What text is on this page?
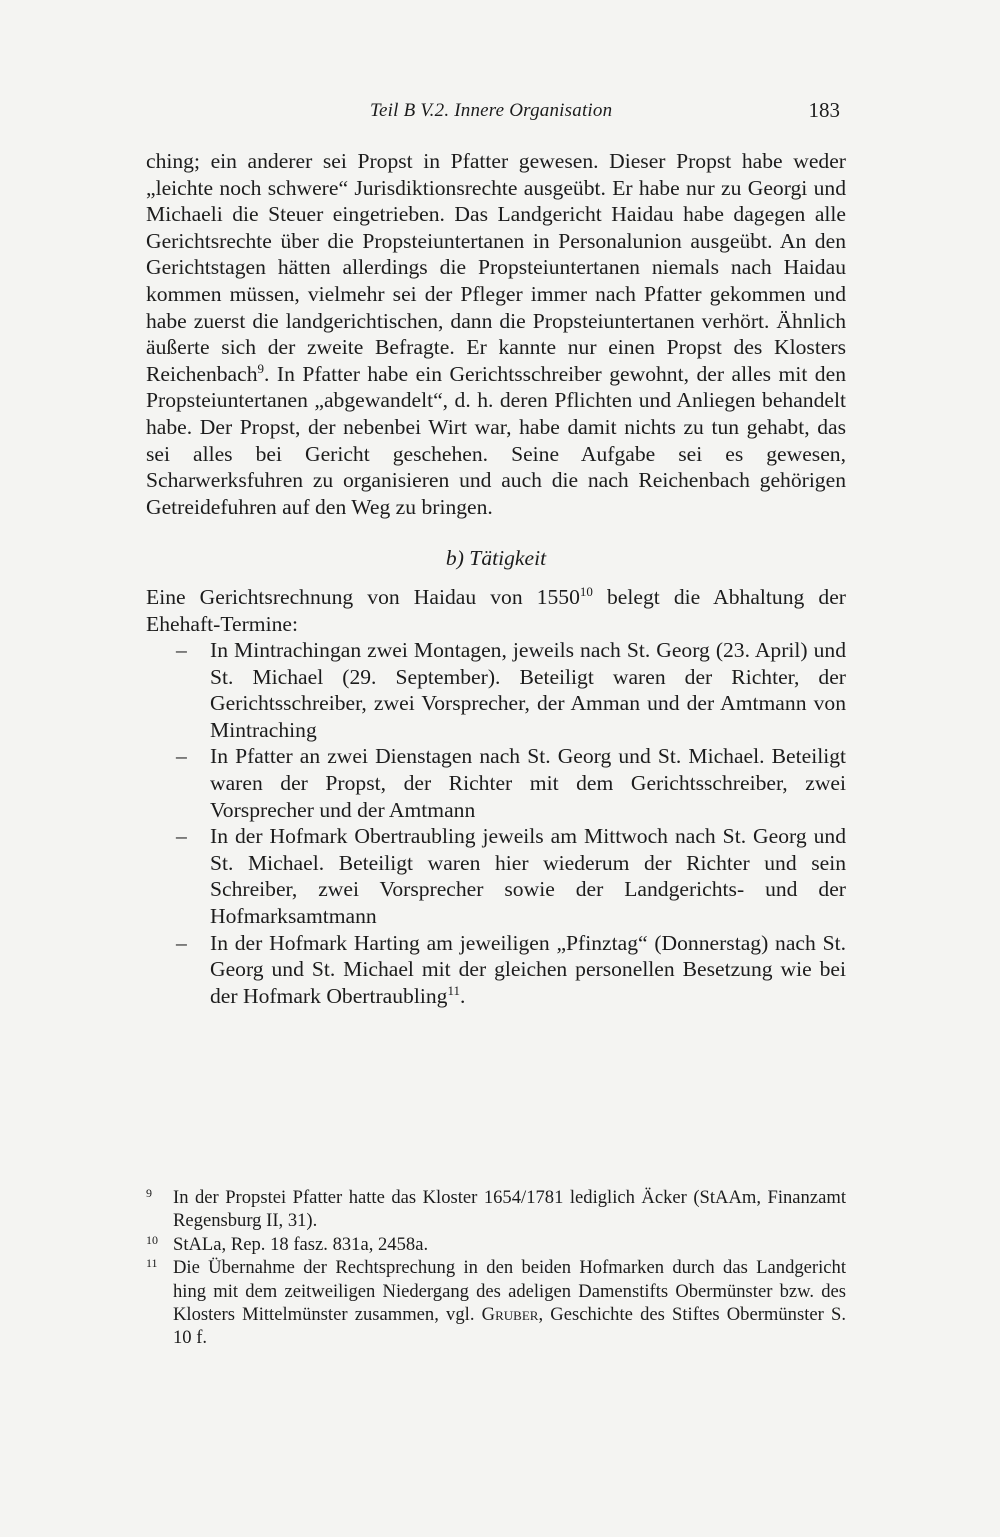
Teil B V.2. Innere Organisation	183

ching; ein anderer sei Propst in Pfatter gewesen. Dieser Propst habe weder „leichte noch schwere“ Jurisdiktionsrechte ausgeübt. Er habe nur zu Georgi und Michaeli die Steuer eingetrieben. Das Landgericht Haidau habe dagegen alle Gerichtsrechte über die Propsteiuntertanen in Personalunion ausgeübt. An den Gerichtstagen hätten allerdings die Propsteiuntertanen niemals nach Haidau kommen müssen, vielmehr sei der Pfleger immer nach Pfatter gekommen und habe zuerst die landgerichtischen, dann die Propsteiuntertanen verhört. Ähnlich äußerte sich der zweite Befragte. Er kannte nur einen Propst des Klosters Reichenbach$^9$. In Pfatter habe ein Gerichtsschreiber gewohnt, der alles mit den Propsteiuntertanen „abgewandelt“, d. h. deren Pflichten und Anliegen behandelt habe. Der Propst, der nebenbei Wirt war, habe damit nichts zu tun gehabt, das sei alles bei Gericht geschehen. Seine Aufgabe sei es gewesen, Scharwerksfuhren zu organisieren und auch die nach Reichenbach gehörigen Getreidefuhren auf den Weg zu bringen.

b) Tätigkeit

Eine Gerichtsrechnung von Haidau von 1550$^{10}$ belegt die Abhaltung der Ehehaft-Termine:

– In Mintrachingan zwei Montagen, jeweils nach St. Georg (23. April) und St. Michael (29. September). Beteiligt waren der Richter, der Gerichtsschreiber, zwei Vorsprecher, der Amman und der Amtmann von Mintraching
– In Pfatter an zwei Dienstagen nach St. Georg und St. Michael. Beteiligt waren der Propst, der Richter mit dem Gerichtsschreiber, zwei Vorsprecher und der Amtmann
– In der Hofmark Obertraubling jeweils am Mittwoch nach St. Georg und St. Michael. Beteiligt waren hier wiederum der Richter und sein Schreiber, zwei Vorsprecher sowie der Landgerichts- und der Hofmarksamtmann
– In der Hofmark Harting am jeweiligen „Pfinztag“ (Donnerstag) nach St. Georg und St. Michael mit der gleichen personellen Besetzung wie bei der Hofmark Obertraubling$^{11}$.
9 In der Propstei Pfatter hatte das Kloster 1654/1781 lediglich Äcker (StAAm, Finanzamt Regensburg II, 31).
10 StALa, Rep. 18 fasz. 831a, 2458a.
11 Die Übernahme der Rechtsprechung in den beiden Hofmarken durch das Landgericht hing mit dem zeitweiligen Niedergang des adeligen Damenstifts Obermünster bzw. des Klosters Mittelmünster zusammen, vgl. Gruber, Geschichte des Stiftes Obermünster S. 10 f.
